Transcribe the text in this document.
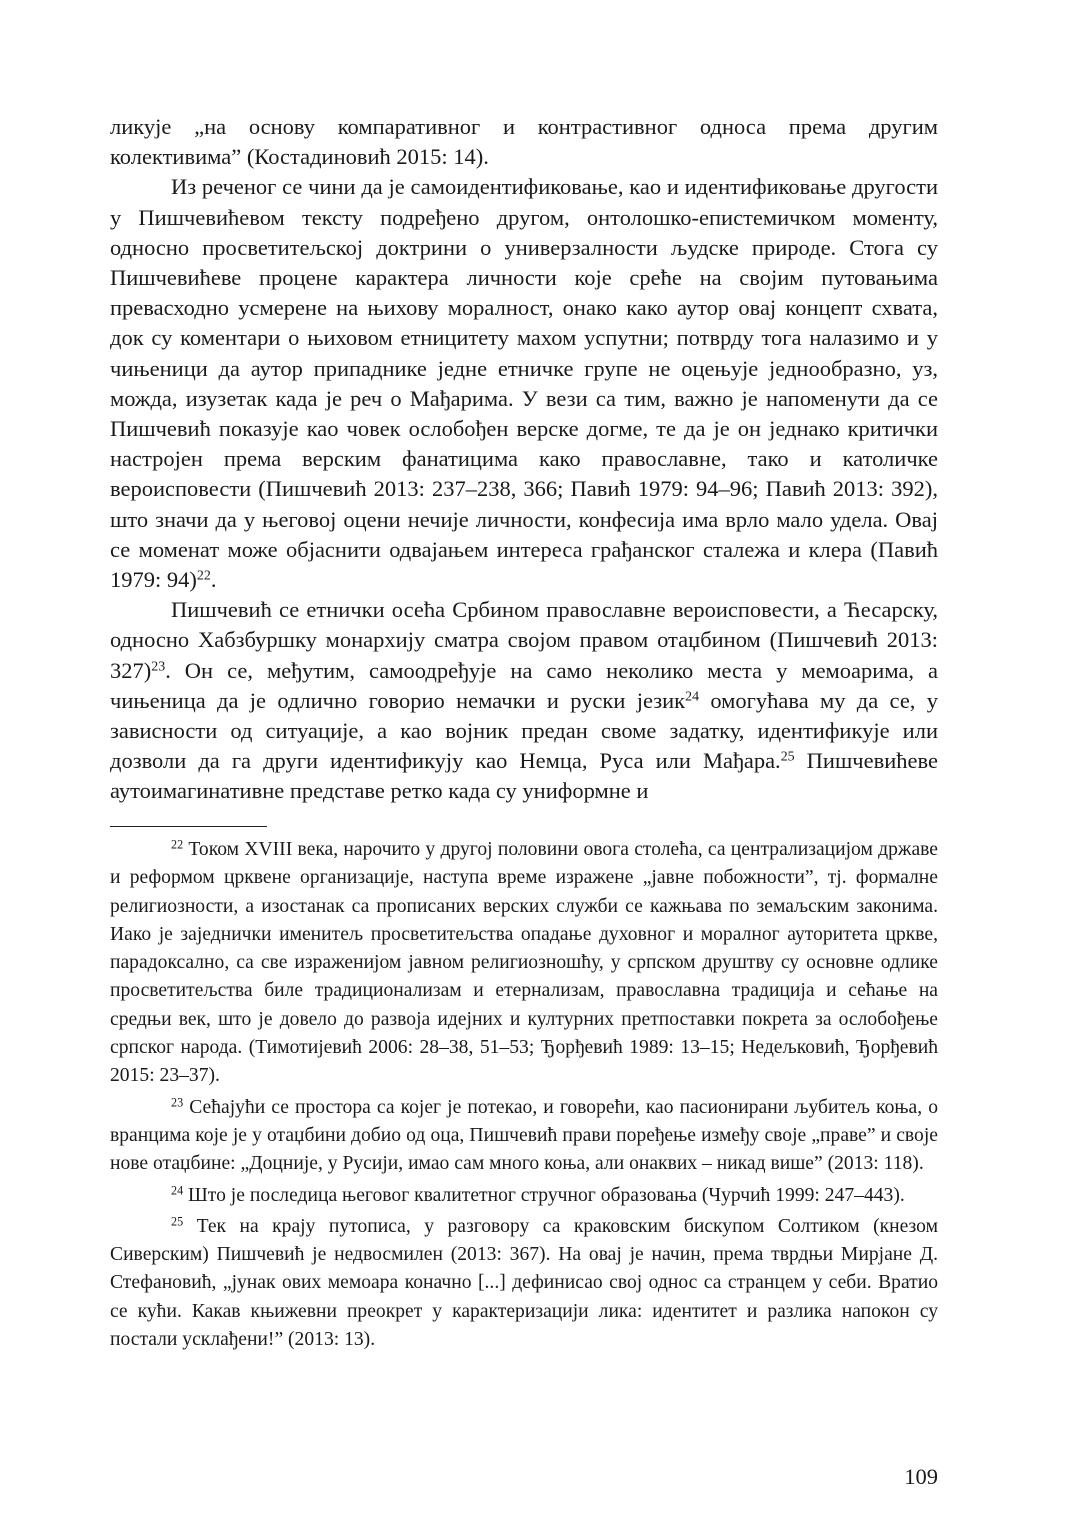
ликује „на основу компаративног и контрастивног односа према другим колективима” (Костадиновић 2015: 14).

Из реченог се чини да је самоидентификовање, као и идентификовање другости у Пишчевићевом тексту подређено другом, онтолошко-епистемичком моменту, односно просветитељској доктрини о универзалности људске природе. Стога су Пишчевићеве процене карактера личности које среће на својим путовањима превасходно усмерене на њихову моралност, онако како аутор овај концепт схвата, док су коментари о њиховом етницитету махом успутни; потврду тога налазимо и у чињеници да аутор припаднике једне етничке групе не оцењује једнообразно, уз, можда, изузетак када је реч о Мађарима. У вези са тим, важно је напоменути да се Пишчевић показује као човек ослобођен верске догме, те да је он једнако критички настројен према верским фанатицима како православне, тако и католичке вероисповести (Пишчевић 2013: 237–238, 366; Павић 1979: 94–96; Павић 2013: 392), што значи да у његовој оцени нечије личности, конфесија има врло мало удела. Овај се моменат може објаснити одвајањем интереса грађанског сталежа и клера (Павић 1979: 94)$^{22}$.

Пишчевић се етнички осећа Србином православне вероисповести, а Ћесарску, односно Хабзбуршку монархију сматра својом правом отаџбином (Пишчевић 2013: 327)$^{23}$. Он се, међутим, самоодређује на само неколико места у мемоарима, а чињеница да је одлично говорио немачки и руски језик$^{24}$ омогућава му да се, у зависности од ситуације, а као војник предан своме задатку, идентификује или дозволи да га други идентификују као Немца, Руса или Мађара.$^{25}$ Пишчевићеве аутоимагинативне представе ретко када су униформне и

$^{22}$ Током XVIII века, нарочито у другој половини овога столећа, са централизацијом државе и реформом црквене организације, наступа време изражене „јавне побожности”, тј. формалне религиозности, а изостанак са прописаних верских служби се кажњава по земаљским законима. Иако је заједнички именитељ просветитељства опадање духовног и моралног ауторитета цркве, парадоксално, са све израженијом јавном религиозношћу, у српском друштву су основне одлике просветитељства биле традиционализам и етернализам, православна традиција и сећање на средњи век, што је довело до развоја идејних и културних претпоставки покрета за ослобођење српског народа. (Тимотијевић 2006: 28–38, 51–53; Ђорђевић 1989: 13–15; Недељковић, Ђорђевић 2015: 23–37).

$^{23}$ Сећајући се простора са којег је потекао, и говорећи, као пасионирани љубитељ коња, о вранцима које је у отаџбини добио од оца, Пишчевић прави поређење између своје „праве” и своје нове отаџбине: „Доцније, у Русији, имао сам много коња, али онаквих – никад више” (2013: 118).

$^{24}$ Што је последица његовог квалитетног стручног образовања (Чурчић 1999: 247–443).

$^{25}$ Тек на крају путописа, у разговору са краковским бискупом Солтиком (кнезом Сиверским) Пишчевић је недвосмилен (2013: 367). На овај је начин, према тврдњи Мирјане Д. Стефановић, „јунак ових мемоара коначно [...] дефинисао свој однос са странцем у себи. Вратио се кући. Какав књижевни преокрет у карактеризацији лика: идентитет и разлика напокон су постали усклађени!” (2013: 13).

109
